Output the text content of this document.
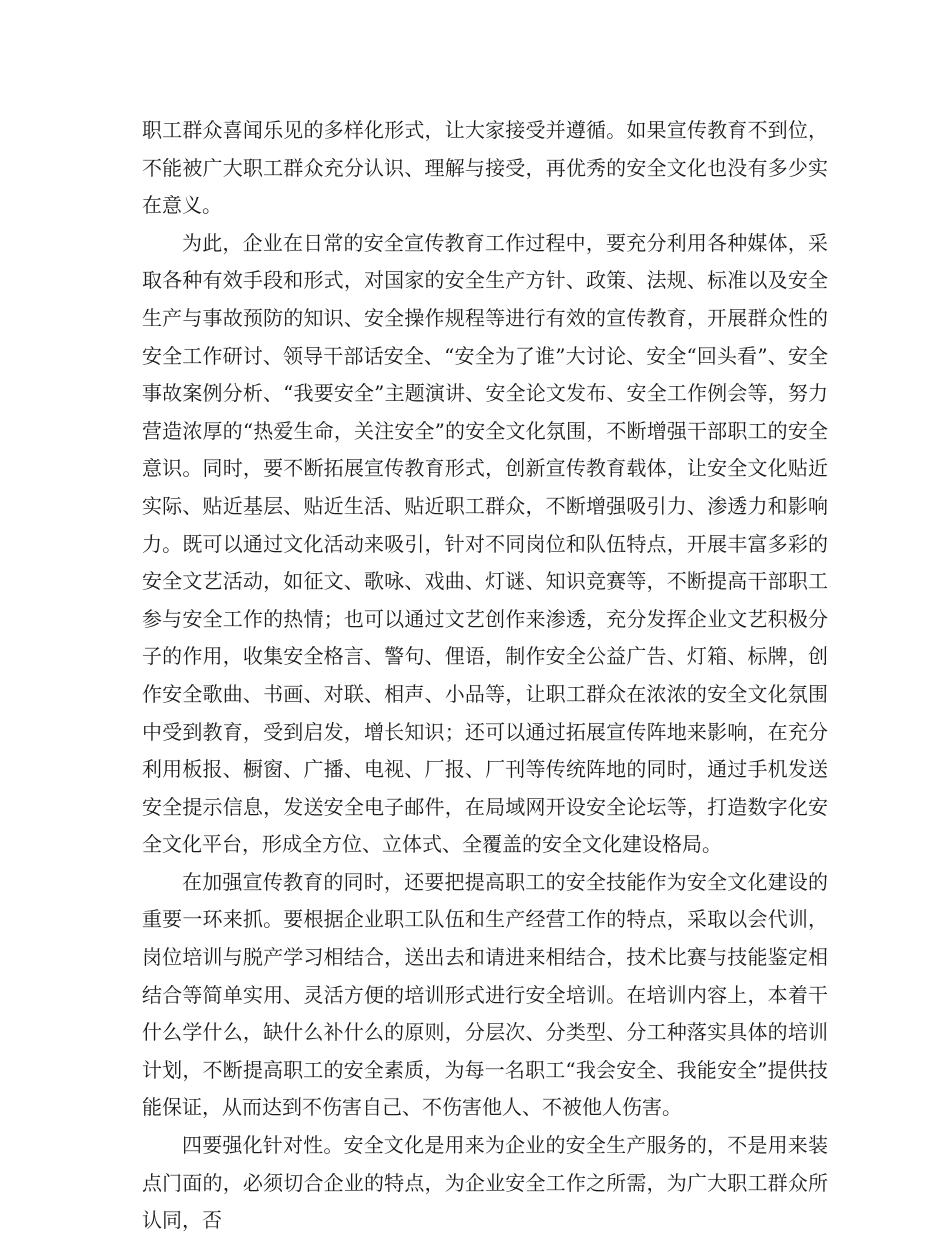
职工群众喜闻乐见的多样化形式，让大家接受并遵循。如果宣传教育不到位，不能被广大职工群众充分认识、理解与接受，再优秀的安全文化也没有多少实在意义。

为此，企业在日常的安全宣传教育工作过程中，要充分利用各种媒体，采取各种有效手段和形式，对国家的安全生产方针、政策、法规、标准以及安全生产与事故预防的知识、安全操作规程等进行有效的宣传教育，开展群众性的安全工作研讨、领导干部话安全、“安全为了谁”大讨论、安全“回头看”、安全事故案例分析、“我要安全”主题演讲、安全论文发布、安全工作例会等，努力营造浓厚的“热爱生命，关注安全”的安全文化氛围，不断增强干部职工的安全意识。同时，要不断拓展宣传教育形式，创新宣传教育载体，让安全文化贴近实际、贴近基层、贴近生活、贴近职工群众，不断增强吸引力、渗透力和影响力。既可以通过文化活动来吸引，针对不同岗位和队伍特点，开展丰富多彩的安全文艺活动，如征文、歌咏、戏曲、灯谜、知识竞赛等，不断提高干部职工参与安全工作的热情；也可以通过文艺创作来渗透，充分发挥企业文艺积极分子的作用，收集安全格言、警句、俚语，制作安全公益广告、灯箱、标牌，创作安全歌曲、书画、对联、相声、小品等，让职工群众在浓浓的安全文化氛围中受到教育，受到启发，增长知识；还可以通过拓展宣传阵地来影响，在充分利用板报、橱窗、广播、电视、厂报、厂刊等传统阵地的同时，通过手机发送安全提示信息，发送安全电子邮件，在局域网开设安全论坛等，打造数字化安全文化平台，形成全方位、立体式、全覆盖的安全文化建设格局。

在加强宣传教育的同时，还要把提高职工的安全技能作为安全文化建设的重要一环来抓。要根据企业职工队伍和生产经营工作的特点，采取以会代训，岗位培训与脱产学习相结合，送出去和请进来相结合，技术比赛与技能鉴定相结合等简单实用、灵活方便的培训形式进行安全培训。在培训内容上，本着干什么学什么，缺什么补什么的原则，分层次、分类型、分工种落实具体的培训计划，不断提高职工的安全素质，为每一名职工“我会安全、我能安全”提供技能保证，从而达到不伤害自己、不伤害他人、不被他人伤害。

四要强化针对性。安全文化是用来为企业的安全生产服务的，不是用来装点门面的，必须切合企业的特点，为企业安全工作之所需，为广大职工群众所认同，否
